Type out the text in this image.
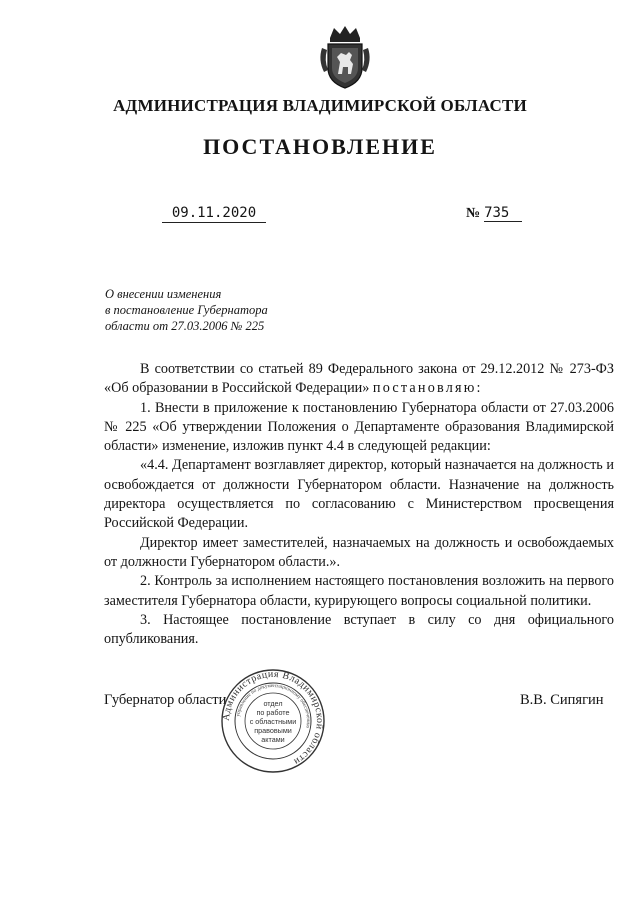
АДМИНИСТРАЦИЯ ВЛАДИМИРСКОЙ ОБЛАСТИ
ПОСТАНОВЛЕНИЕ
09.11.2020	№ 735
О внесении изменения
в постановление Губернатора
области от 27.03.2006 № 225

В соответствии со статьей 89 Федерального закона от 29.12.2012 № 273-ФЗ «Об образовании в Российской Федерации» постановляю:

1. Внести в приложение к постановлению Губернатора области от 27.03.2006 № 225 «Об утверждении Положения о Департаменте образования Владимирской области» изменение, изложив пункт 4.4 в следующей редакции:

«4.4. Департамент возглавляет директор, который назначается на должность и освобождается от должности Губернатором области. Назначение на должность директора осуществляется по согласованию с Министерством просвещения Российской Федерации.

Директор имеет заместителей, назначаемых на должность и освобождаемых от должности Губернатором области.».

2. Контроль за исполнением настоящего постановления возложить на первого заместителя Губернатора области, курирующего вопросы социальной политики.

3. Настоящее постановление вступает в силу со дня официального опубликования.

Губернатор области	В.В. Сипягин
Администрация Владимирской области
управление по документационному обеспечению
отдел
по работе
с областными
правовыми
актами
